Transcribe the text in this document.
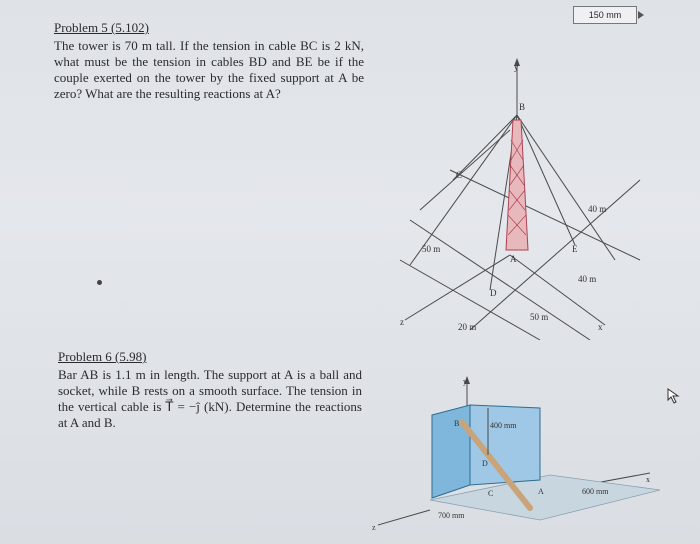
Problem 5 (5.102)
The tower is 70 m tall. If the tension in cable BC is 2 kN, what must be the tension in cables BD and BE be if the couple exerted on the tower by the fixed support at A be zero? What are the resulting reactions at A?
Problem 6 (5.98)
Bar AB is 1.1 m in length. The support at A is a ball and socket, while B rests on a smooth surface. The tension in the vertical cable is T⃗ = −ĵ (kN). Determine the reactions at A and B.
150 mm
y
B
C
A
D
E
x
z
50 m
20 m
50 m
40 m
40 m
y
B
D
C	A
x
z
400 mm
600 mm
700 mm
